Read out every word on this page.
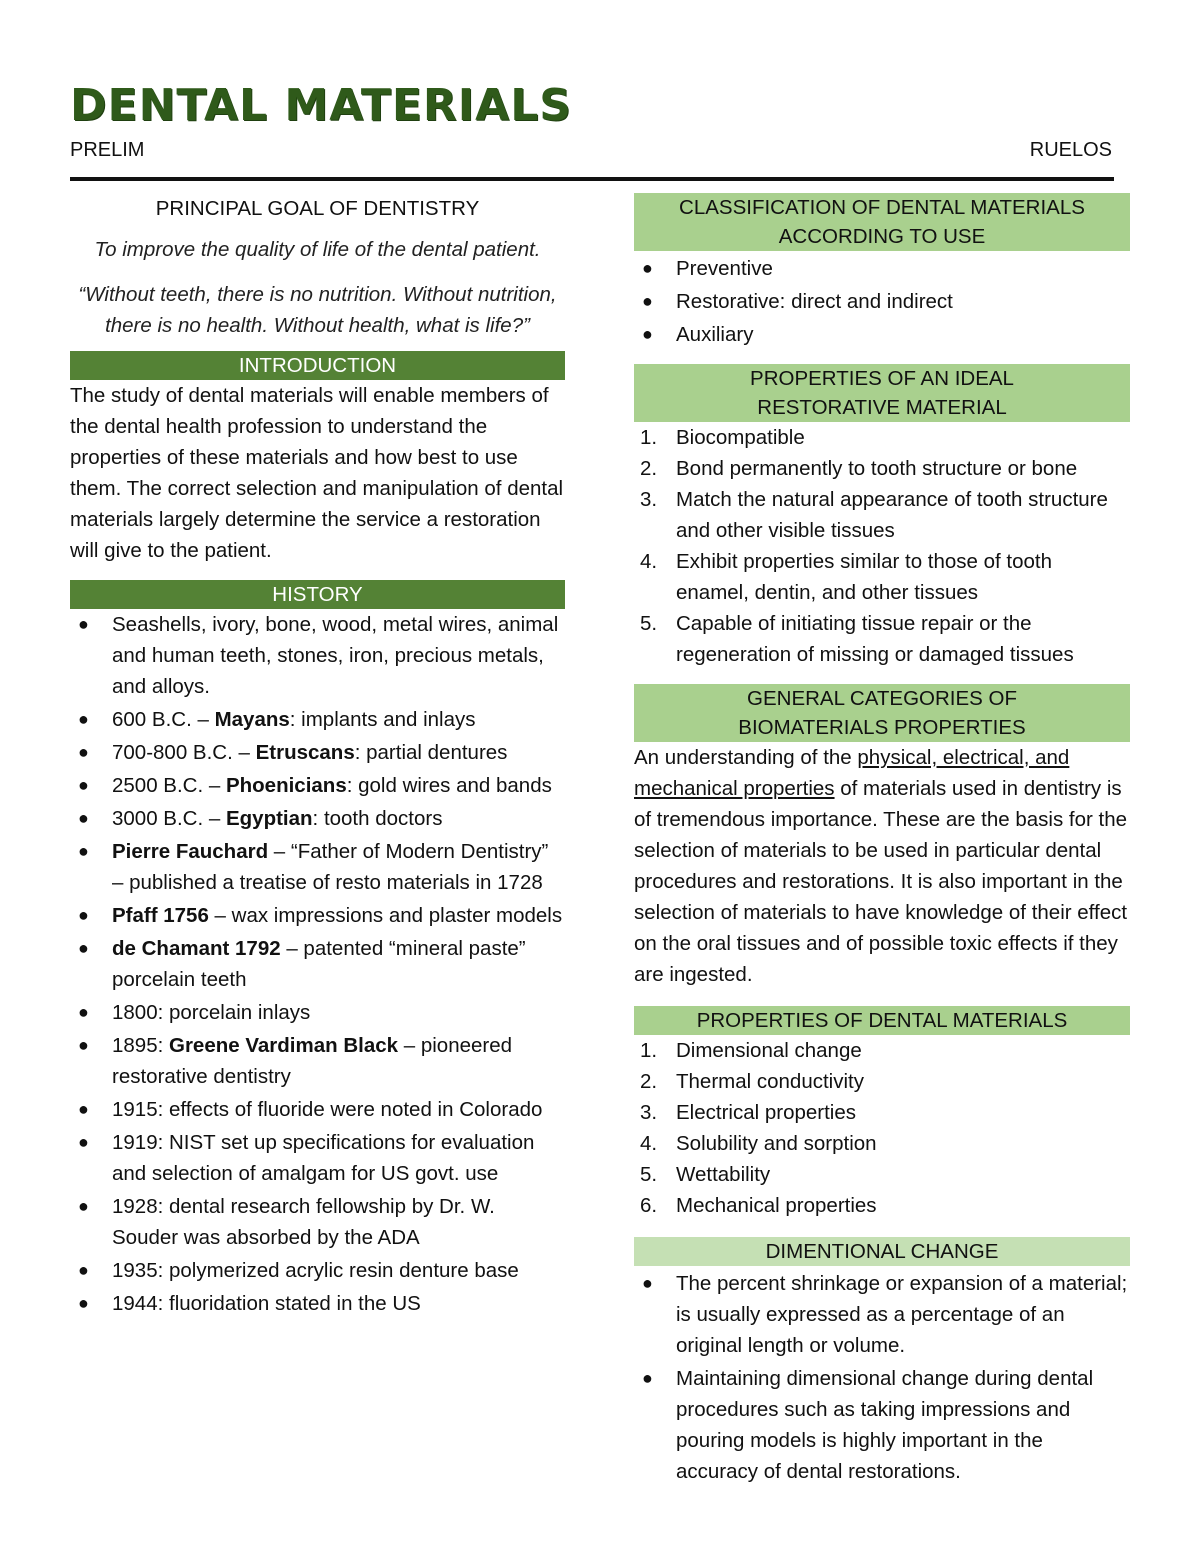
DENTAL MATERIALS
PRELIM	RUELOS
PRINCIPAL GOAL OF DENTISTRY
To improve the quality of life of the dental patient.
“Without teeth, there is no nutrition. Without nutrition, there is no health. Without health, what is life?”
INTRODUCTION
The study of dental materials will enable members of the dental health profession to understand the properties of these materials and how best to use them. The correct selection and manipulation of dental materials largely determine the service a restoration will give to the patient.
HISTORY
● Seashells, ivory, bone, wood, metal wires, animal and human teeth, stones, iron, precious metals, and alloys.
● 600 B.C. – Mayans: implants and inlays
● 700-800 B.C. – Etruscans: partial dentures
● 2500 B.C. – Phoenicians: gold wires and bands
● 3000 B.C. – Egyptian: tooth doctors
● Pierre Fauchard – “Father of Modern Dentistry” – published a treatise of resto materials in 1728
● Pfaff 1756 – wax impressions and plaster models
● de Chamant 1792 – patented “mineral paste” porcelain teeth
● 1800: porcelain inlays
● 1895: Greene Vardiman Black – pioneered restorative dentistry
● 1915: effects of fluoride were noted in Colorado
● 1919: NIST set up specifications for evaluation and selection of amalgam for US govt. use
● 1928: dental research fellowship by Dr. W. Souder was absorbed by the ADA
● 1935: polymerized acrylic resin denture base
● 1944: fluoridation stated in the US
CLASSIFICATION OF DENTAL MATERIALS
ACCORDING TO USE
● Preventive
● Restorative: direct and indirect
● Auxiliary
PROPERTIES OF AN IDEAL
RESTORATIVE MATERIAL
1. Biocompatible
2. Bond permanently to tooth structure or bone
3. Match the natural appearance of tooth structure and other visible tissues
4. Exhibit properties similar to those of tooth enamel, dentin, and other tissues
5. Capable of initiating tissue repair or the regeneration of missing or damaged tissues
GENERAL CATEGORIES OF
BIOMATERIALS PROPERTIES
An understanding of the physical, electrical, and mechanical properties of materials used in dentistry is of tremendous importance. These are the basis for the selection of materials to be used in particular dental procedures and restorations. It is also important in the selection of materials to have knowledge of their effect on the oral tissues and of possible toxic effects if they are ingested.
PROPERTIES OF DENTAL MATERIALS
1. Dimensional change
2. Thermal conductivity
3. Electrical properties
4. Solubility and sorption
5. Wettability
6. Mechanical properties
DIMENTIONAL CHANGE
● The percent shrinkage or expansion of a material; is usually expressed as a percentage of an original length or volume.
● Maintaining dimensional change during dental procedures such as taking impressions and pouring models is highly important in the accuracy of dental restorations.
